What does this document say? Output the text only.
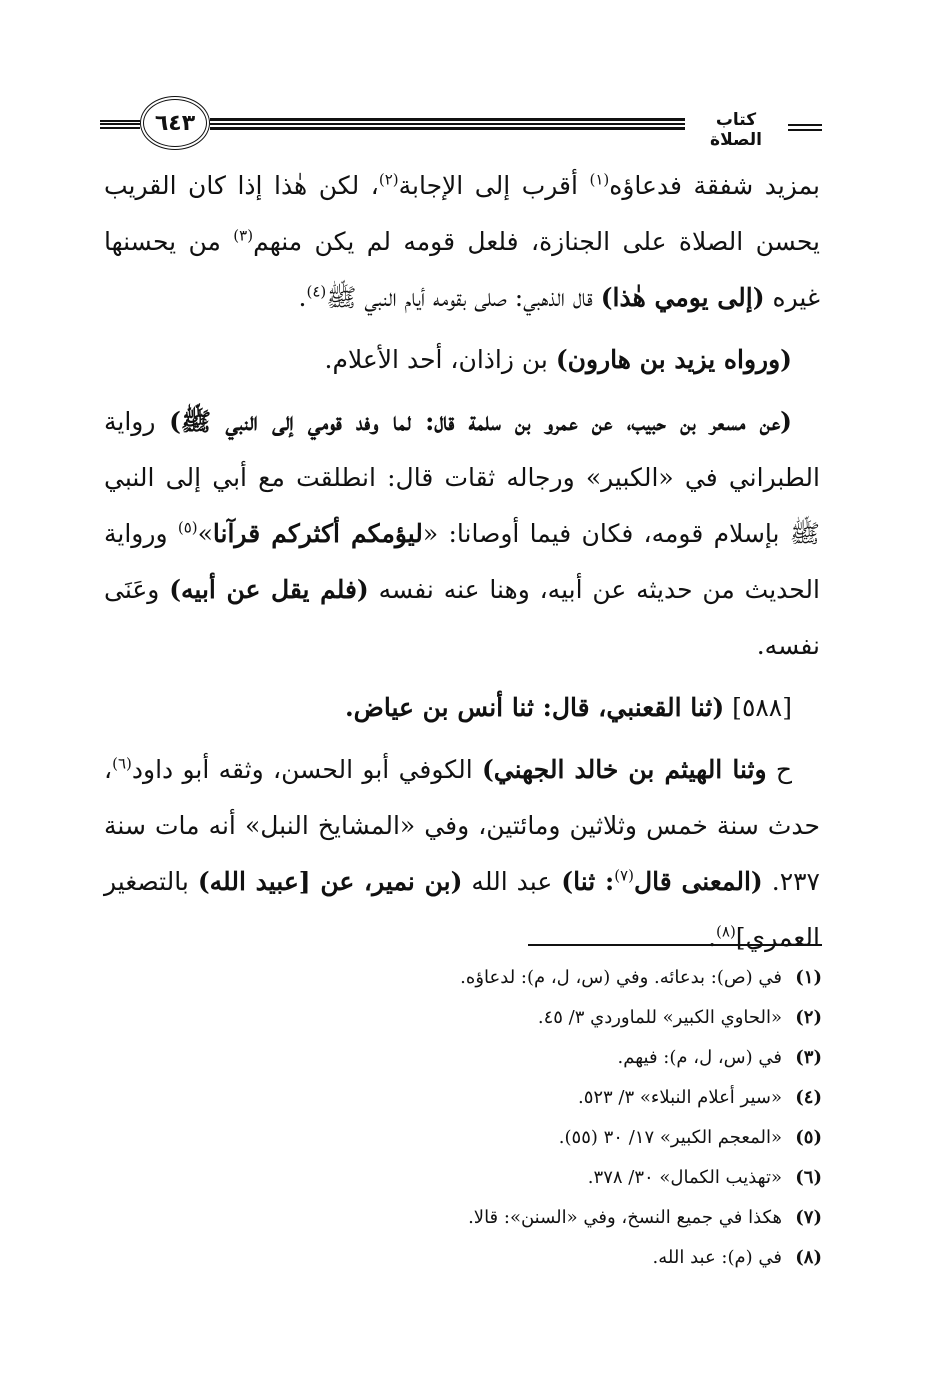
٦٤٣	كتاب الصلاة

بمزيد شفقة فدعاؤه$^{(١)}$ أقرب إلى الإجابة$^{(٢)}$، لكن هٰذا إذا كان القريب يحسن الصلاة على الجنازة، فلعل قومه لم يكن منهم$^{(٣)}$ من يحسنها غيره (إلى يومي هٰذا) قال الذهبي: صلى بقومه أيام النبي ﷺ$^{(٤)}$.

(ورواه يزيد بن هارون) بن زاذان، أحد الأعلام.

(عن مسعر بن حبيب، عن عمرو بن سلمة قال: لما وفد قومي إلى النبي ﷺ) رواية الطبراني في «الكبير» ورجاله ثقات قال: انطلقت مع أبي إلى النبي ﷺ بإسلام قومه، فكان فيما أوصانا: «ليؤمكم أكثركم قرآنا»$^{(٥)}$ ورواية الحديث من حديثه عن أبيه، وهنا عنه نفسه (فلم يقل عن أبيه) وعَنَى نفسه.

[٥٨٨] (ثنا القعنبي، قال: ثنا أنس بن عياض.

ح وثنا الهيثم بن خالد الجهني) الكوفي أبو الحسن، وثقه أبو داود$^{(٦)}$، حدث سنة خمس وثلاثين ومائتين، وفي «المشايخ النبل» أنه مات سنة ٢٣٧. (المعنى قال$^{(٧)}$: ثنا) عبد الله (بن نمير، عن [عبيد الله) بالتصغير العمري]$^{(٨)}$.

(١)في (ص): بدعائه. وفي (س، ل، م): لدعاؤه.
(٢)«الحاوي الكبير» للماوردي ٣/ ٤٥.
(٣)في (س، ل، م): فيهم.
(٤)«سير أعلام النبلاء» ٣/ ٥٢٣.
(٥)«المعجم الكبير» ١٧/ ٣٠ (٥٥).
(٦)«تهذيب الكمال» ٣٠/ ٣٧٨.
(٧)هكذا في جميع النسخ، وفي «السنن»: قالا.
(٨)في (م): عبد الله.
